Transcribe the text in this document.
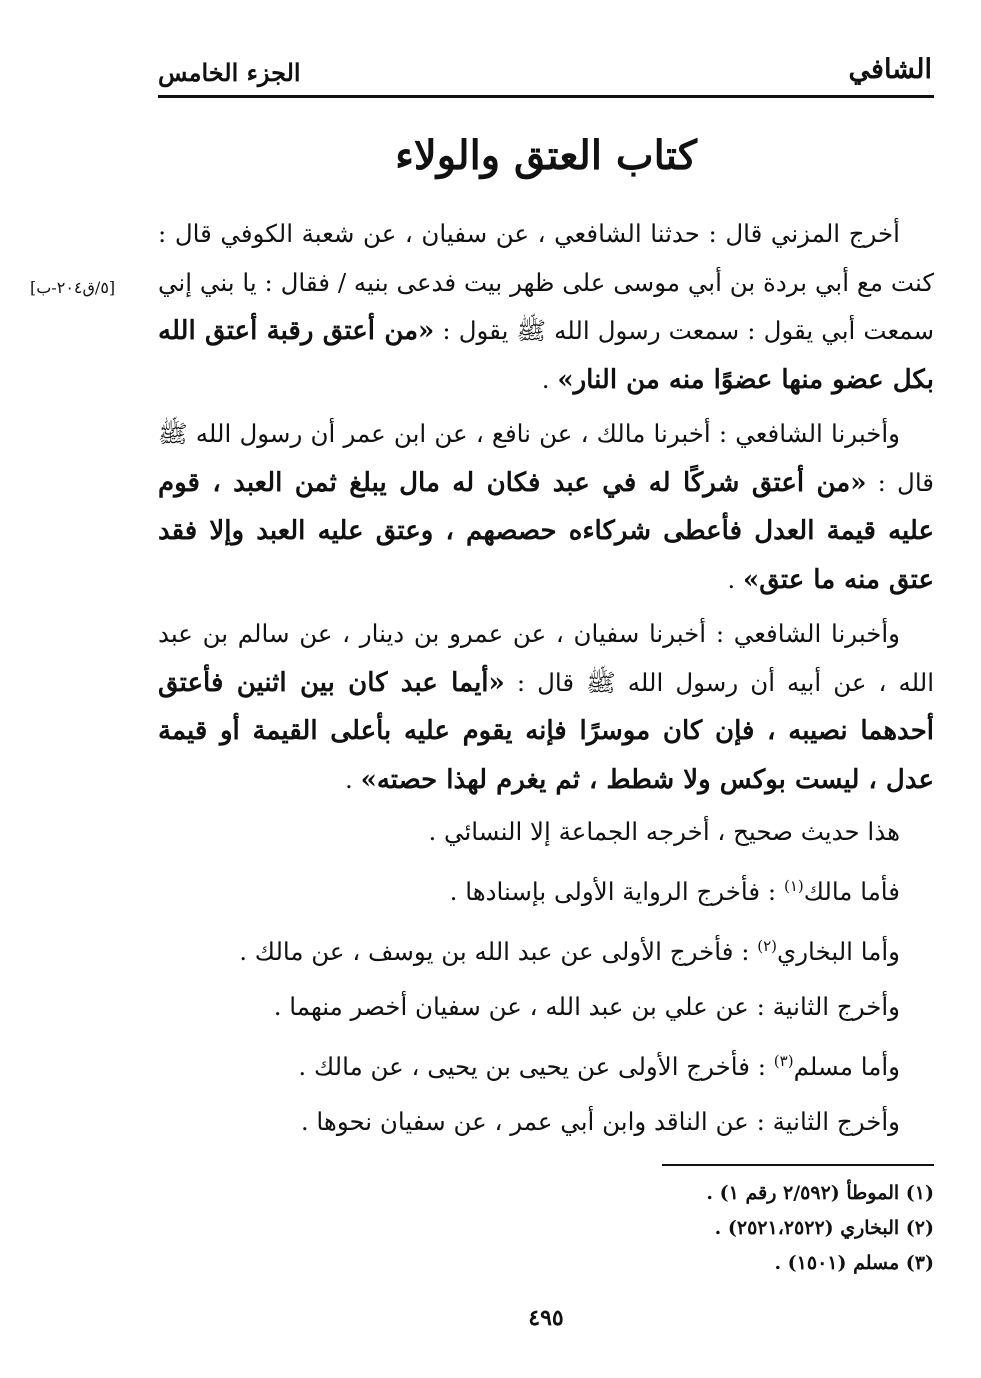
الشافي
الجزء الخامس
كتاب العتق والولاء
[٥/ق٢٠٤-ب]

أخرج المزني قال : حدثنا الشافعي ، عن سفيان ، عن شعبة الكوفي قال : كنت مع أبي بردة بن أبي موسى على ظهر بيت فدعى بنيه / فقال : يا بني إني سمعت أبي يقول : سمعت رسول الله ﷺ يقول : «من أعتق رقبة أعتق الله بكل عضو منها عضوًا منه من النار» .

وأخبرنا الشافعي : أخبرنا مالك ، عن نافع ، عن ابن عمر أن رسول الله ﷺ قال : «من أعتق شركًا له في عبد فكان له مال يبلغ ثمن العبد ، قوم عليه قيمة العدل فأعطى شركاءه حصصهم ، وعتق عليه العبد وإلا فقد عتق منه ما عتق» .

وأخبرنا الشافعي : أخبرنا سفيان ، عن عمرو بن دينار ، عن سالم بن عبد الله ، عن أبيه أن رسول الله ﷺ قال : «أيما عبد كان بين اثنين فأعتق أحدهما نصيبه ، فإن كان موسرًا فإنه يقوم عليه بأعلى القيمة أو قيمة عدل ، ليست بوكس ولا شطط ، ثم يغرم لهذا حصته» .

هذا حديث صحيح ، أخرجه الجماعة إلا النسائي .

فأما مالك$^{(١)}$ : فأخرج الرواية الأولى بإسنادها .

وأما البخاري$^{(٢)}$ : فأخرج الأولى عن عبد الله بن يوسف ، عن مالك .

وأخرج الثانية : عن علي بن عبد الله ، عن سفيان أخصر منهما .

وأما مسلم$^{(٣)}$ : فأخرج الأولى عن يحيى بن يحيى ، عن مالك .

وأخرج الثانية : عن الناقد وابن أبي عمر ، عن سفيان نحوها .

(١) الموطأ (٢/٥٩٢ رقم ١) .
(٢) البخاري (٢٥٢١،٢٥٢٢) .
(٣) مسلم (١٥٠١) .
٤٩٥
